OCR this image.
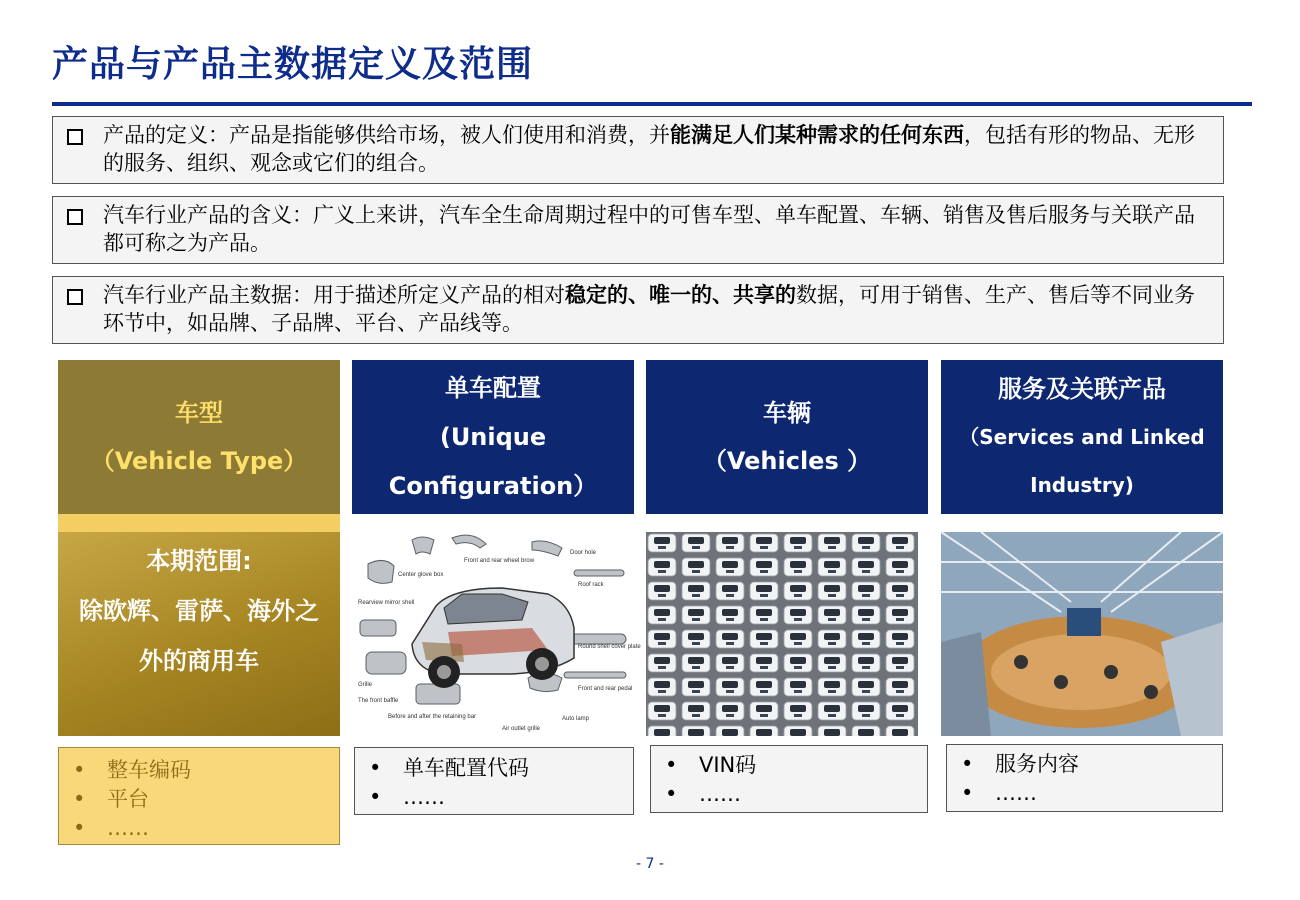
产品与产品主数据定义及范围
产品的定义：产品是指能够供给市场，被人们使用和消费，并能满足人们某种需求的任何东西，包括有形的物品、无形的服务、组织、观念或它们的组合。
汽车行业产品的含义：广义上来讲，汽车全生命周期过程中的可售车型、单车配置、车辆、销售及售后服务与关联产品都可称之为产品。
汽车行业产品主数据：用于描述所定义产品的相对稳定的、唯一的、共享的数据，可用于销售、生产、售后等不同业务环节中，如品牌、子品牌、平台、产品线等。
车型
（Vehicle Type）
单车配置
(Unique
Configuration）
车辆
（Vehicles ）
服务及关联产品
（Services and Linked
Industry)
本期范围:
除欧辉、雷萨、海外之
外的商用车
Front and rear wheel brow
Door hole
Center glove box
Rearview mirror shell
Roof rack
Round shell cover plate
Grille
Front and rear pedal
The front baffle
Before and after the retaining bar	Auto lamp
Air outlet grille
• 整车编码
• 平台
• ……
• 单车配置代码
• ……
• VIN码
• ……
• 服务内容
• ……
- 7 -
